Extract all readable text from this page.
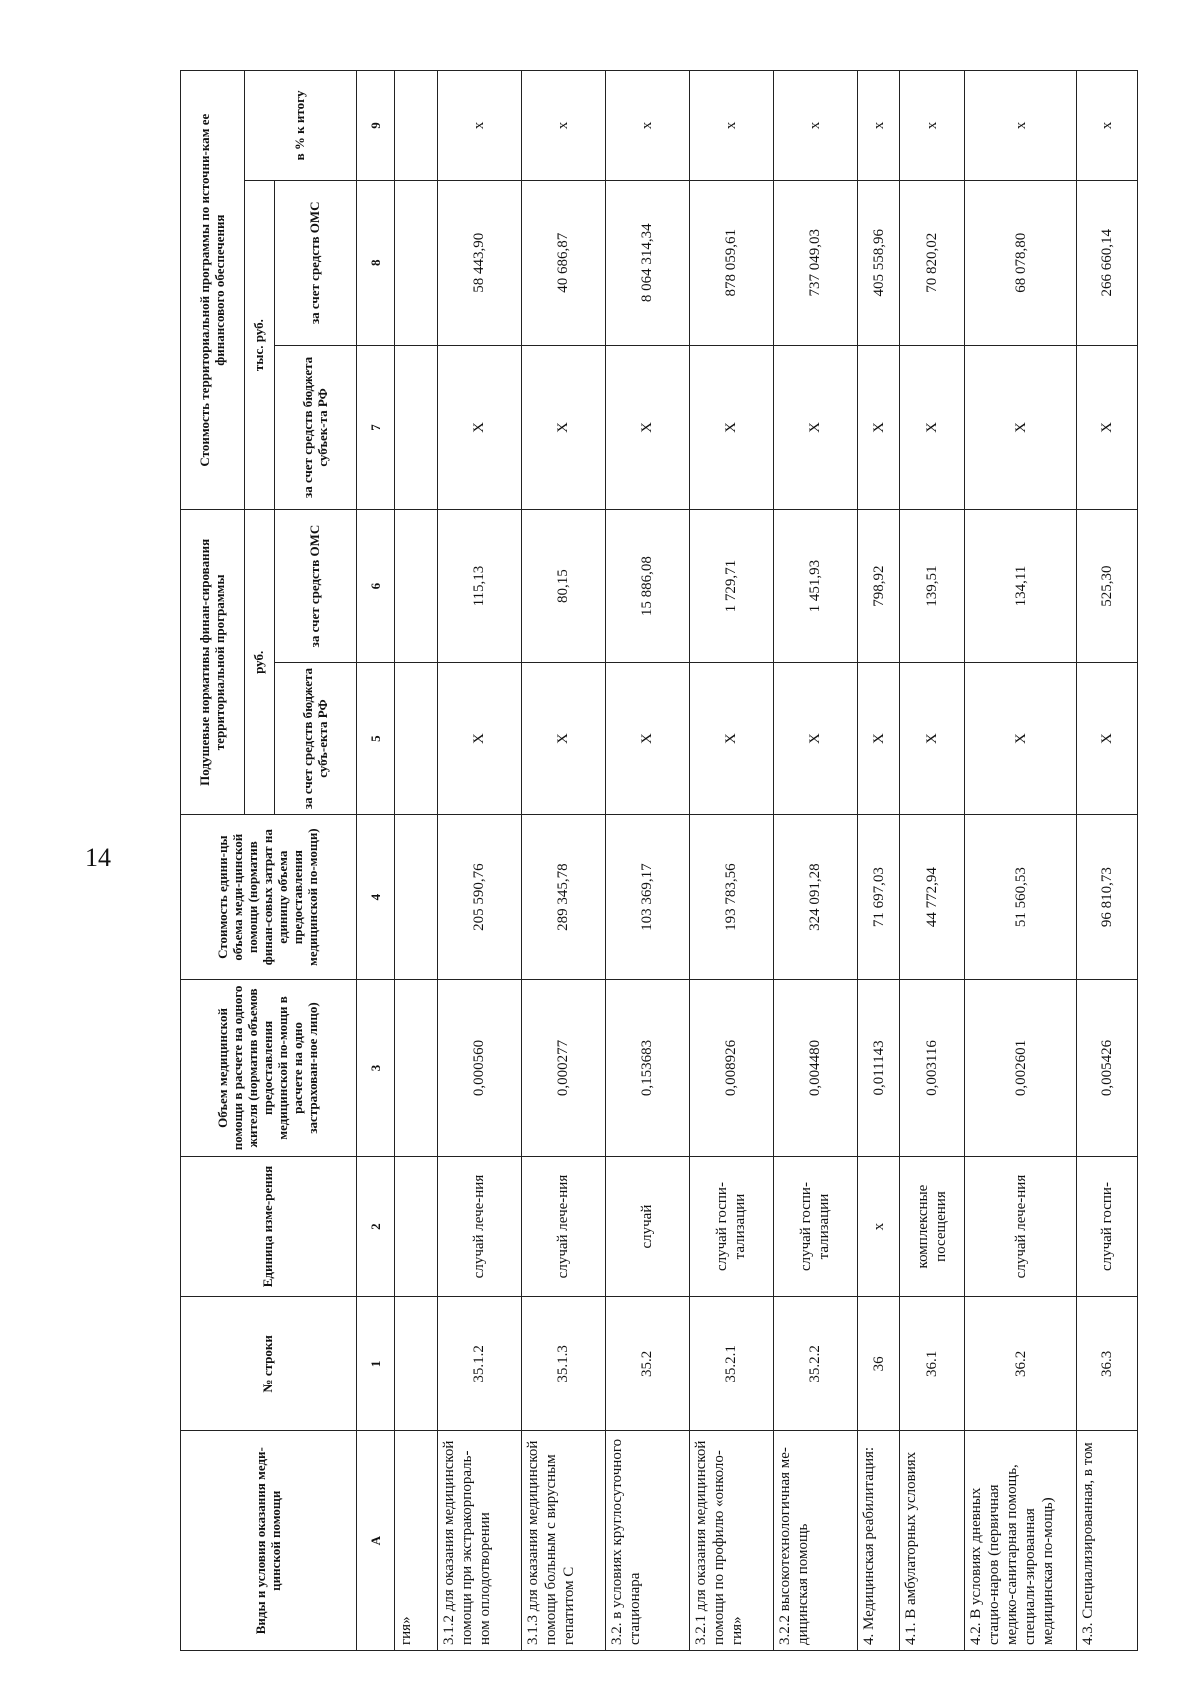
14
Виды и условия оказания меди-цинской помощи	№ строки	Единица изме-рения	Объем медицинской помощи в расчете на одного жителя (норматив объемов предоставления медицинской по-мощи в расчете на одно застрахован-ное лицо)	Стоимость едини-цы объема меди-цинской помощи (норматив финан-совых затрат на единицу объема предоставления медицинской по-мощи)	Подушевые нормативы финан-сирования территориальной программы		Стоимость территориальной программы по источни-кам ее финансового обеспечения		
					руб.		тыс. руб.		в % к итогу
					за счет средств бюджета субъ-екта РФ	за счет средств ОМС	за счет средств бюджета субъек-та РФ	за счет средств ОМС	
А	1	2	3	4	5	6	7	8	9
гия»									
3.1.2 для оказания медицинской помощи при экстракорпораль-ном оплодотворении	35.1.2	случай лече-ния	0,000560	205 590,76	X	115,13	X	58 443,90	x
3.1.3 для оказания медицинской помощи больным с вирусным гепатитом С	35.1.3	случай лече-ния	0,000277	289 345,78	X	80,15	X	40 686,87	x
3.2. в условиях круглосуточного стационара	35.2	случай	0,153683	103 369,17	X	15 886,08	X	8 064 314,34	x
3.2.1 для оказания медицинской помощи по профилю «онколо-гия»	35.2.1	случай госпи-тализации	0,008926	193 783,56	X	1 729,71	X	878 059,61	x
3.2.2 высокотехнологичная ме-дицинская помощь	35.2.2	случай госпи-тализации	0,004480	324 091,28	X	1 451,93	X	737 049,03	x
4. Медицинская реабилитация:	36	x	0,011143	71 697,03	X	798,92	X	405 558,96	x
4.1. В амбулаторных условиях	36.1	комплексные посещения	0,003116	44 772,94	X	139,51	X	70 820,02	x
4.2. В условиях дневных стацио-наров (первичная медико-санитарная помощь, специали-зированная медицинская по-мощь)	36.2	случай лече-ния	0,002601	51 560,53	X	134,11	X	68 078,80	x
4.3. Специализированная, в том	36.3	случай госпи-	0,005426	96 810,73	X	525,30	X	266 660,14	x
